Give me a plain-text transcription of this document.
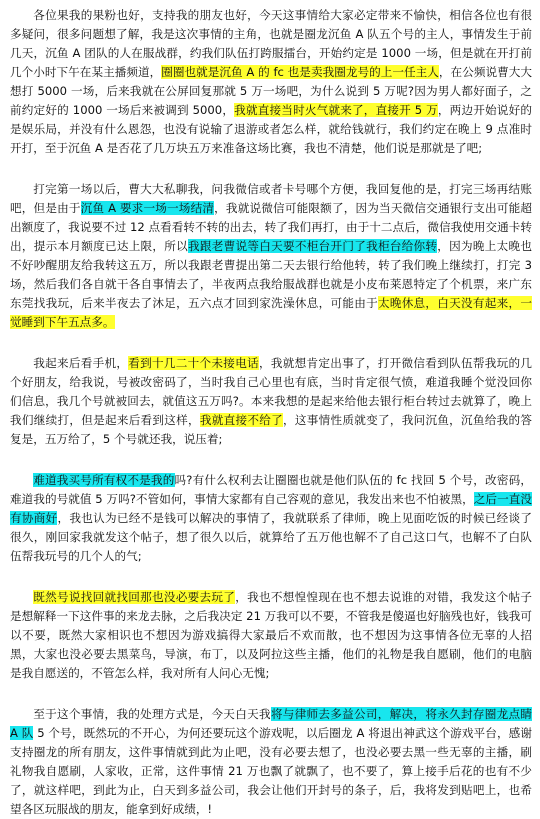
各位果我的果粉也好，支持我的朋友也好，今天这事情给大家必定带来不愉快，相信各位也有很多疑问，很多问题想了解，我是这次事情的主角，也就是圈龙沉鱼 A 队五个号的主人，事情发生于前几天，沉鱼 A 团队的人在服战群，约我们队伍打跨服擂台，开始约定是 1000 一场，但是就在开打前几个小时下午在某主播频道，圈圈也就是沉鱼 A 的 fc 也是卖我圈龙号的上一任主人，在公频说曹大大想打 5000 一场，后来我就在公屏回复那就 5 万一场吧，为什么说到 5 万呢?因为男人都好面子，之前约定好的 1000 一场后来被调到 5000，我就直接当时火气就来了，直接开 5 万，两边开始说好的是娱乐局，并没有什么恩怨，也没有说输了退游或者怎么样，就给钱就行，我们约定在晚上 9 点准时开打，至于沉鱼 A 是否花了几万块五万来准备这场比赛，我也不清楚，他们说是那就是了吧;

打完第一场以后，曹大大私聊我，问我微信或者卡号哪个方便，我回复他的是，打完三场再结账吧，但是由于沉鱼 A 要求一场一场结清，我就说微信可能限额了，因为当天微信交通银行支出可能超出额度了，我说要不过 12 点看看转不转的出去，转了我们再打，由于十二点后，微信我使用交通卡转出，提示本月额度已达上限，所以我跟老曹说等白天要不柜台开门了我柜台给你转，因为晚上太晚也不好吵醒朋友给我转这五万，所以我跟老曹提出第二天去银行给他转，转了我们晚上继续打，打完 3 场，然后我们各自就干各自事情去了，半夜两点我给服战群也就是小皮布莱恩特定了个机票，来广东东莞找我玩，后来半夜去了沐足，五六点才回到家洗澡休息，可能由于太晚休息，白天没有起来，一觉睡到下午五点多。

我起来后看手机，看到十几二十个未接电话，我就想肯定出事了，打开微信看到队伍帮我玩的几个好朋友，给我说，号被改密码了，当时我自己心里也有底，当时肯定很气愤，难道我睡个觉没回你们信息，我几个号就被回去，就值这五万吗?。本来我想的是起来给他去银行柜台转过去就算了，晚上我们继续打，但是起来后看到这样，我就直接不给了，这事情性质就变了，我问沉鱼，沉鱼给我的答复是，五万给了，5 个号就还我，说压着;

难道我买号所有权不是我的吗?有什么权利去让圈圈也就是他们队伍的 fc 找回 5 个号，改密码，难道我的号就值 5 万吗?不管如何，事情大家都有自己容观的意见，我发出来也不怕被黑，之后一直没有协商好，我也认为已经不是钱可以解决的事情了，我就联系了律师，晚上见面吃饭的时候已经谈了很久，刚回家我就发这个帖子，想了很久以后，就算给了五万他也解不了自己这口气，也解不了白队伍帮我玩号的几个人的气;

既然号说找回就找回那也没必要去玩了，我也不想惶惶现在也不想去说谁的对错，我发这个帖子是想解释一下这件事的来龙去脉，之后我决定 21 万我可以不要，不管我是傻逼也好脑残也好，钱我可以不要，既然大家相识也不想因为游戏搞得大家最后不欢而散，也不想因为这事情各位无辜的人招黑，大家也没必要去黑菜鸟，导演，布丁，以及阿拉这些主播，他们的礼物是我自愿刷，他们的电脑是我自愿送的，不管怎么样，我对所有人问心无愧;

至于这个事情，我的处理方式是，今天白天我将与律师去多益公司，解决，将永久封存圈龙点睛 A 队 5 个号，既然玩的不开心，为何还要玩这个游戏呢，以后圈龙 A 将退出神武这个游戏平台，感谢支持圈龙的所有朋友，这件事情就到此为止吧，没有必要去想了，也没必要去黑一些无辜的主播，刷礼物我自愿刷，人家收，正常，这件事情 21 万也飘了就飘了，也不要了，算上接手后花的也有不少了，就这样吧，到此为止，白天到多益公司，我会让他们开封号的条子，后，我将发到贴吧上，也希望各区玩服战的朋友，能拿到好成绩，!
